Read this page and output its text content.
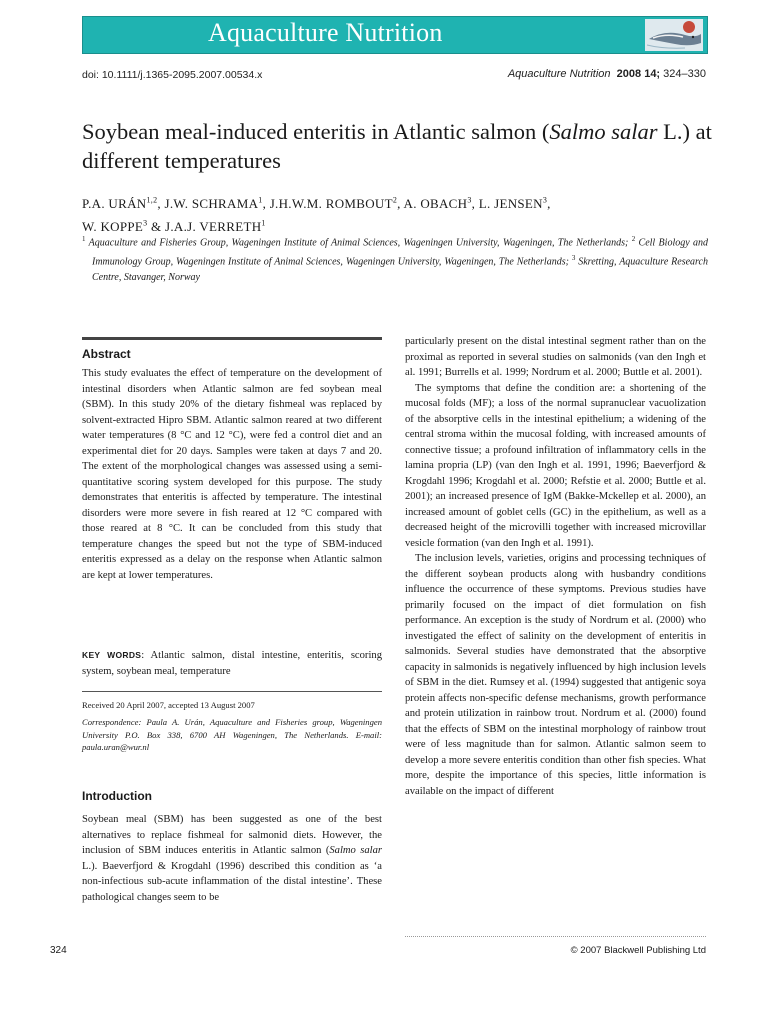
Aquaculture Nutrition
doi: 10.1111/j.1365-2095.2007.00534.x	Aquaculture Nutrition 2008 14; 324–330
Soybean meal-induced enteritis in Atlantic salmon (Salmo salar L.) at different temperatures
P.A. URÁN$^{1,2}$, J.W. SCHRAMA$^1$, J.H.W.M. ROMBOUT$^2$, A. OBACH$^3$, L. JENSEN$^3$,
W. KOPPE$^3$ & J.A.J. VERRETH$^1$
$^1$ Aquaculture and Fisheries Group, Wageningen Institute of Animal Sciences, Wageningen University, Wageningen, The Netherlands; $^2$ Cell Biology and Immunology Group, Wageningen Institute of Animal Sciences, Wageningen University, Wageningen, The Netherlands; $^3$ Skretting, Aquaculture Research Centre, Stavanger, Norway
Abstract
This study evaluates the effect of temperature on the development of intestinal disorders when Atlantic salmon are fed soybean meal (SBM). In this study 20% of the dietary fishmeal was replaced by solvent-extracted Hipro SBM. Atlantic salmon reared at two different water temperatures (8 °C and 12 °C), were fed a control diet and an experimental diet for 20 days. Samples were taken at days 7 and 20. The extent of the morphological changes was assessed using a semi-quantitative scoring system developed for this purpose. The study demonstrates that enteritis is affected by temperature. The intestinal disorders were more severe in fish reared at 12 °C compared with those reared at 8 °C. It can be concluded from this study that temperature changes the speed but not the type of SBM-induced enteritis expressed as a delay on the response when Atlantic salmon are kept at lower temperatures.
KEY WORDS: Atlantic salmon, distal intestine, enteritis, scoring system, soybean meal, temperature
Received 20 April 2007, accepted 13 August 2007
Correspondence: Paula A. Urán, Aquaculture and Fisheries group, Wageningen University P.O. Box 338, 6700 AH Wageningen, The Netherlands. E-mail: paula.uran@wur.nl
Introduction
Soybean meal (SBM) has been suggested as one of the best alternatives to replace fishmeal for salmonid diets. However, the inclusion of SBM induces enteritis in Atlantic salmon (Salmo salar L.). Baeverfjord & Krogdahl (1996) described this condition as ‘a non-infectious sub-acute inflammation of the distal intestine’. These pathological changes seem to be

particularly present on the distal intestinal segment rather than on the proximal as reported in several studies on salmonids (van den Ingh et al. 1991; Burrells et al. 1999; Nordrum et al. 2000; Buttle et al. 2001).

The symptoms that define the condition are: a shortening of the mucosal folds (MF); a loss of the normal supranuclear vacuolization of the absorptive cells in the intestinal epithelium; a widening of the central stroma within the mucosal folding, with increased amounts of connective tissue; a profound infiltration of inflammatory cells in the lamina propria (LP) (van den Ingh et al. 1991, 1996; Baeverfjord & Krogdahl 1996; Krogdahl et al. 2000; Refstie et al. 2000; Buttle et al. 2001); an increased presence of IgM (Bakke-Mckellep et al. 2000), an increased amount of goblet cells (GC) in the epithelium, as well as a decreased height of the microvilli together with increased microvillar vesicle formation (van den Ingh et al. 1991).

The inclusion levels, varieties, origins and processing techniques of the different soybean products along with husbandry conditions influence the occurrence of these symptoms. Previous studies have primarily focused on the impact of diet formulation on fish performance. An exception is the study of Nordrum et al. (2000) who investigated the effect of salinity on the development of enteritis in salmonids. Several studies have demonstrated that the absorptive capacity in salmonids is negatively influenced by high inclusion levels of SBM in the diet. Rumsey et al. (1994) suggested that antigenic soya protein affects non-specific defense mechanisms, growth performance and protein utilization in rainbow trout. Nordrum et al. (2000) found that the effects of SBM on the intestinal morphology of rainbow trout were of less magnitude than for salmon. Atlantic salmon seem to develop a more severe enteritis condition than other fish species. What more, despite the importance of this species, little information is available on the impact of different

324	© 2007 Blackwell Publishing Ltd
